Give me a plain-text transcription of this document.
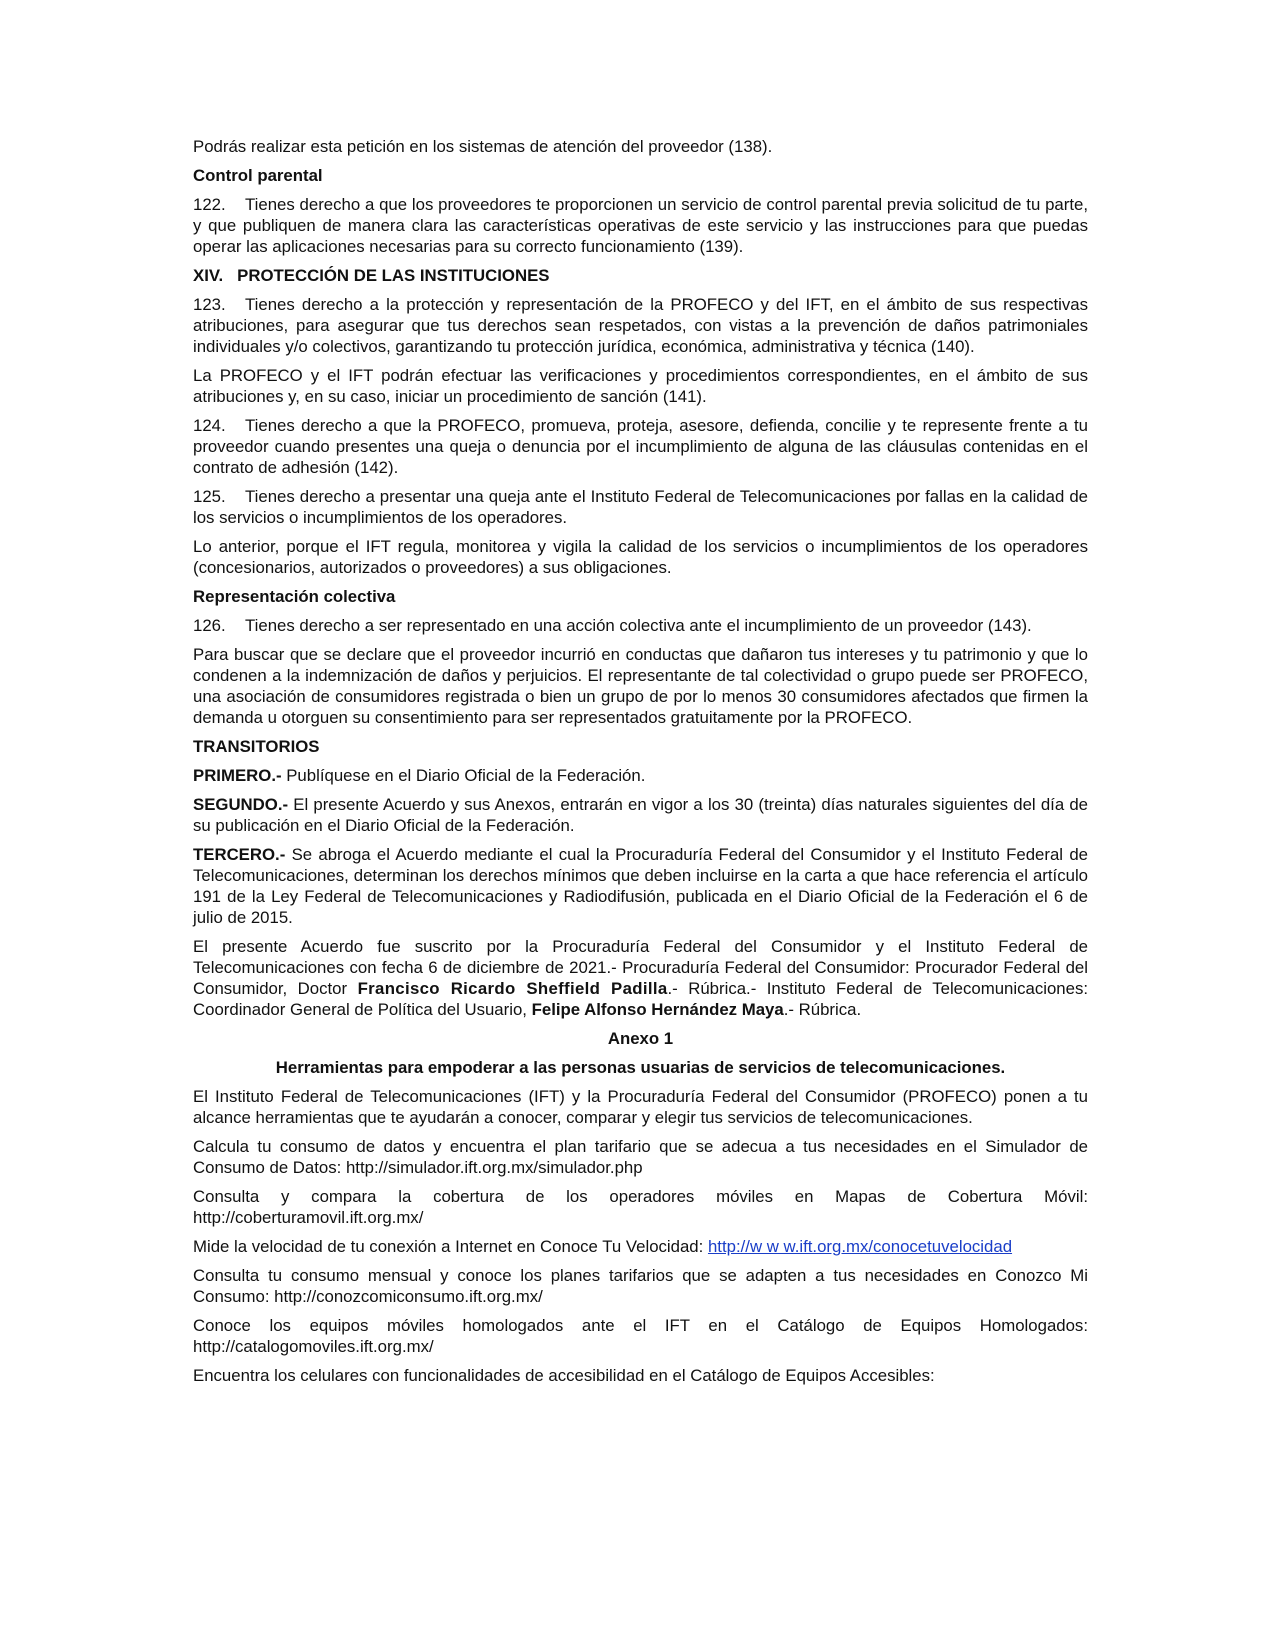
Podrás realizar esta petición en los sistemas de atención del proveedor (138).

Control parental

122. Tienes derecho a que los proveedores te proporcionen un servicio de control parental previa solicitud de tu parte, y que publiquen de manera clara las características operativas de este servicio y las instrucciones para que puedas operar las aplicaciones necesarias para su correcto funcionamiento (139).

XIV.   PROTECCIÓN DE LAS INSTITUCIONES

123. Tienes derecho a la protección y representación de la PROFECO y del IFT, en el ámbito de sus respectivas atribuciones, para asegurar que tus derechos sean respetados, con vistas a la prevención de daños patrimoniales individuales y/o colectivos, garantizando tu protección jurídica, económica, administrativa y técnica (140).

La PROFECO y el IFT podrán efectuar las verificaciones y procedimientos correspondientes, en el ámbito de sus atribuciones y, en su caso, iniciar un procedimiento de sanción (141).

124. Tienes derecho a que la PROFECO, promueva, proteja, asesore, defienda, concilie y te represente frente a tu proveedor cuando presentes una queja o denuncia por el incumplimiento de alguna de las cláusulas contenidas en el contrato de adhesión (142).

125. Tienes derecho a presentar una queja ante el Instituto Federal de Telecomunicaciones por fallas en la calidad de los servicios o incumplimientos de los operadores.

Lo anterior, porque el IFT regula, monitorea y vigila la calidad de los servicios o incumplimientos de los operadores (concesionarios, autorizados o proveedores) a sus obligaciones.

Representación colectiva

126. Tienes derecho a ser representado en una acción colectiva ante el incumplimiento de un proveedor (143).

Para buscar que se declare que el proveedor incurrió en conductas que dañaron tus intereses y tu patrimonio y que lo condenen a la indemnización de daños y perjuicios. El representante de tal colectividad o grupo puede ser PROFECO, una asociación de consumidores registrada o bien un grupo de por lo menos 30 consumidores afectados que firmen la demanda u otorguen su consentimiento para ser representados gratuitamente por la PROFECO.

TRANSITORIOS

PRIMERO.- Publíquese en el Diario Oficial de la Federación.

SEGUNDO.- El presente Acuerdo y sus Anexos, entrarán en vigor a los 30 (treinta) días naturales siguientes del día de su publicación en el Diario Oficial de la Federación.

TERCERO.- Se abroga el Acuerdo mediante el cual la Procuraduría Federal del Consumidor y el Instituto Federal de Telecomunicaciones, determinan los derechos mínimos que deben incluirse en la carta a que hace referencia el artículo 191 de la Ley Federal de Telecomunicaciones y Radiodifusión, publicada en el Diario Oficial de la Federación el 6 de julio de 2015.

El presente Acuerdo fue suscrito por la Procuraduría Federal del Consumidor y el Instituto Federal de Telecomunicaciones con fecha 6 de diciembre de 2021.- Procuraduría Federal del Consumidor: Procurador Federal del Consumidor, Doctor Francisco Ricardo Sheffield Padilla.- Rúbrica.- Instituto Federal de Telecomunicaciones: Coordinador General de Política del Usuario, Felipe Alfonso Hernández Maya.- Rúbrica.

Anexo 1

Herramientas para empoderar a las personas usuarias de servicios de telecomunicaciones.

El Instituto Federal de Telecomunicaciones (IFT) y la Procuraduría Federal del Consumidor (PROFECO) ponen a tu alcance herramientas que te ayudarán a conocer, comparar y elegir tus servicios de telecomunicaciones.

Calcula tu consumo de datos y encuentra el plan tarifario que se adecua a tus necesidades en el Simulador de Consumo de Datos: http://simulador.ift.org.mx/simulador.php

Consulta y compara la cobertura de los operadores móviles en Mapas de Cobertura Móvil: http://coberturamovil.ift.org.mx/

Mide la velocidad de tu conexión a Internet en Conoce Tu Velocidad: http://w w w.ift.org.mx/conocetuvelocidad

Consulta tu consumo mensual y conoce los planes tarifarios que se adapten a tus necesidades en Conozco Mi Consumo: http://conozcomiconsumo.ift.org.mx/

Conoce los equipos móviles homologados ante el IFT en el Catálogo de Equipos Homologados: http://catalogomoviles.ift.org.mx/

Encuentra los celulares con funcionalidades de accesibilidad en el Catálogo de Equipos Accesibles:
